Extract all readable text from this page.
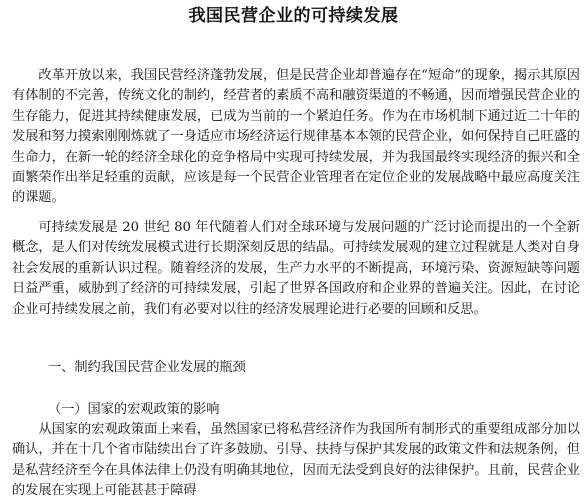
我国民营企业的可持续发展

改革开放以来，我国民营经济蓬勃发展，但是民营企业却普遍存在“短命”的现象，揭示其原因有体制的不完善，传统文化的制约，经营者的素质不高和融资渠道的不畅通，因而增强民营企业的生存能力，促进其持续健康发展，已成为当前的一个紧迫任务。作为在市场机制下通过近二十年的发展和努力摸索刚刚炼就了一身适应市场经济运行规律基本本领的民营企业，如何保持自己旺盛的生命力，在新一轮的经济全球化的竞争格局中实现可持续发展，并为我国最终实现经济的振兴和全面繁荣作出举足轻重的贡献，应该是每一个民营企业管理者在定位企业的发展战略中最应高度关注的课题。

可持续发展是 20 世纪 80 年代随着人们对全球环境与发展问题的广泛讨论而提出的一个全新概念，是人们对传统发展模式进行长期深刻反思的结晶。可持续发展观的建立过程就是人类对自身社会发展的重新认识过程。随着经济的发展，生产力水平的不断提高，环境污染、资源短缺等问题日益严重，威胁到了经济的可持续发展，引起了世界各国政府和企业界的普遍关注。因此，在讨论企业可持续发展之前，我们有必要对以往的经济发展理论进行必要的回顾和反思。

一、制约我国民营企业发展的瓶颈

（一）国家的宏观政策的影响

从国家的宏观政策面上来看，虽然国家已将私营经济作为我国所有制形式的重要组成部分加以确认，并在十几个省市陆续出台了许多鼓励、引导、扶持与保护其发展的政策文件和法规条例，但是私营经济至今在具体法律上仍没有明确其地位，因而无法受到良好的法律保护。且前，民营企业的发展在实现上可能甚甚于障碍
